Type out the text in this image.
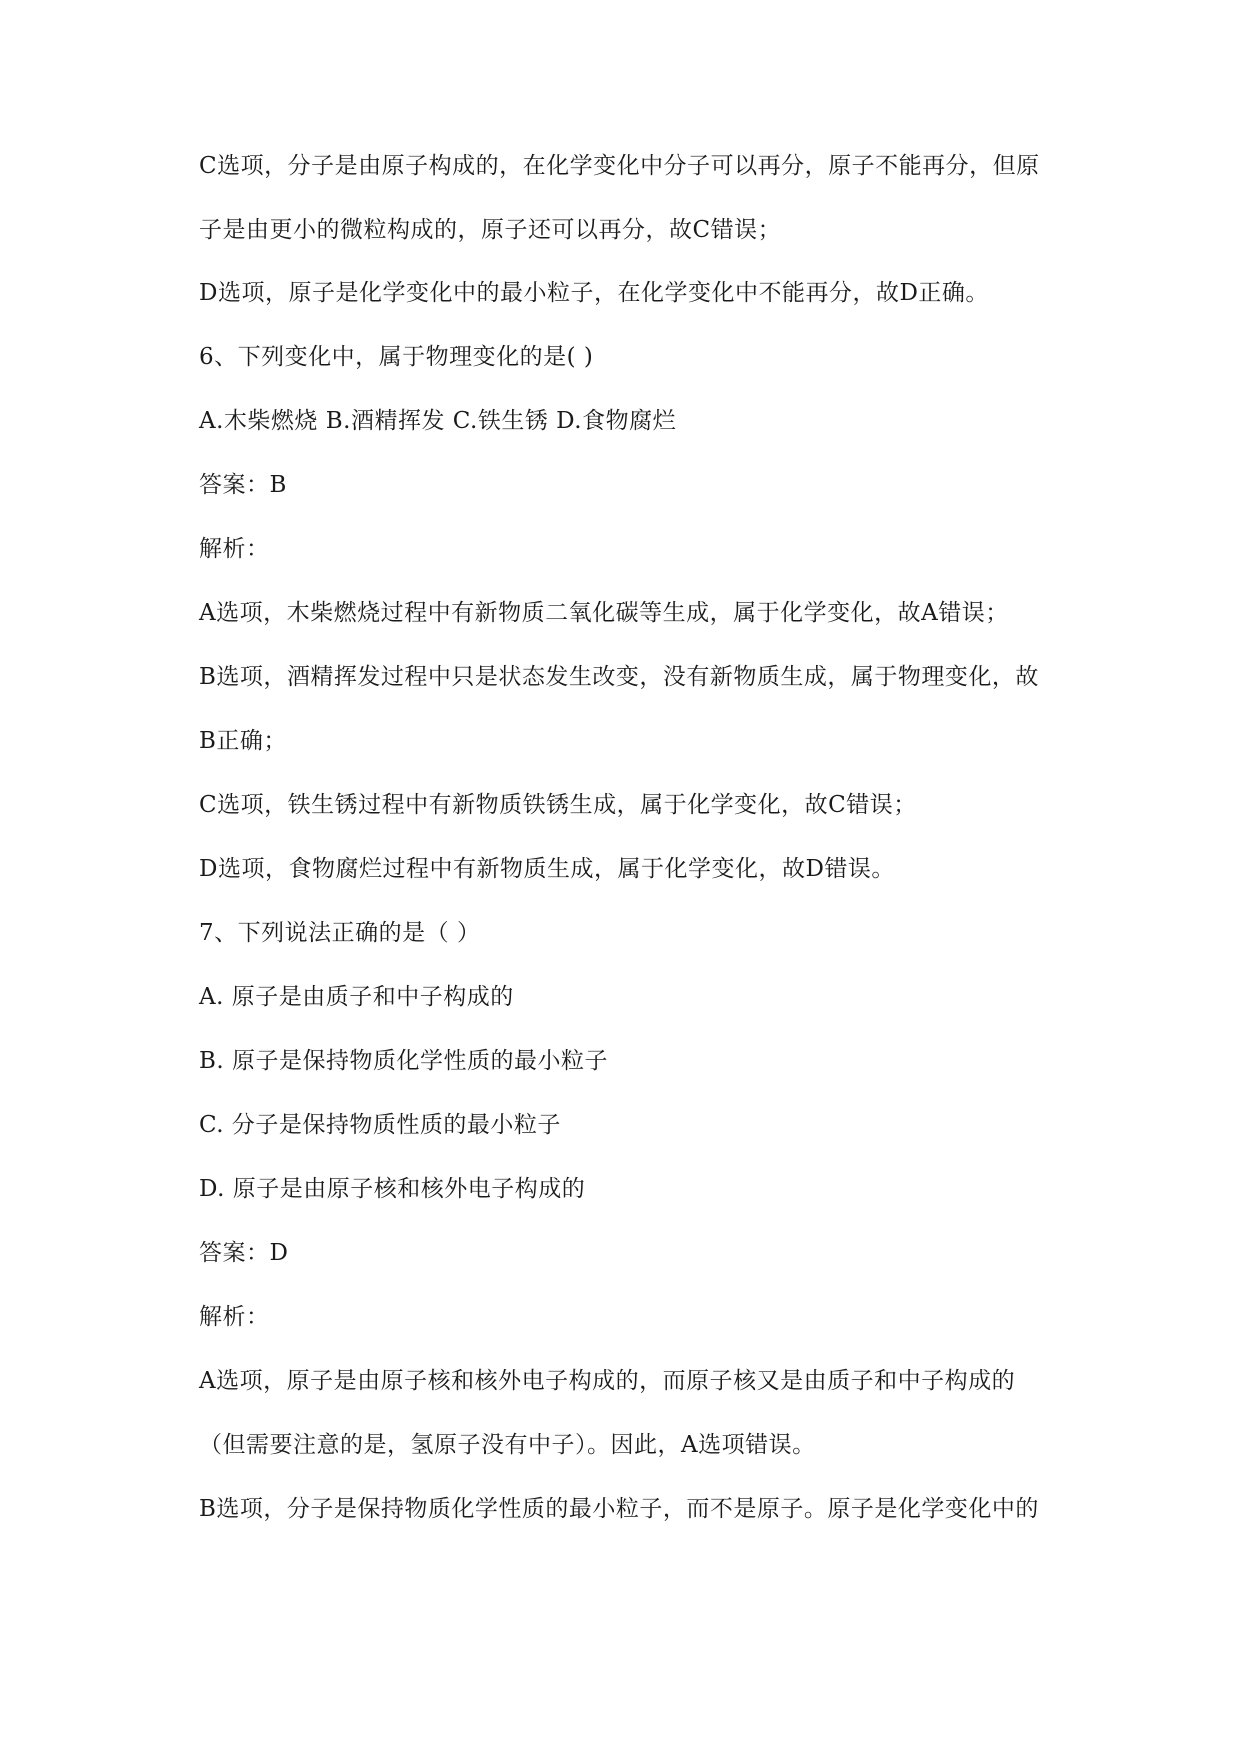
C选项，分子是由原子构成的，在化学变化中分子可以再分，原子不能再分，但原
子是由更小的微粒构成的，原子还可以再分，故C错误；
D选项，原子是化学变化中的最小粒子，在化学变化中不能再分，故D正确。
6、下列变化中，属于物理变化的是( )
A.木柴燃烧 B.酒精挥发 C.铁生锈 D.食物腐烂
答案：B
解析：
A选项，木柴燃烧过程中有新物质二氧化碳等生成，属于化学变化，故A错误；
B选项，酒精挥发过程中只是状态发生改变，没有新物质生成，属于物理变化，故
B正确；
C选项，铁生锈过程中有新物质铁锈生成，属于化学变化，故C错误；
D选项，食物腐烂过程中有新物质生成，属于化学变化，故D错误。
7、下列说法正确的是（ ）
A. 原子是由质子和中子构成的
B. 原子是保持物质化学性质的最小粒子
C. 分子是保持物质性质的最小粒子
D. 原子是由原子核和核外电子构成的
答案：D
解析：
A选项，原子是由原子核和核外电子构成的，而原子核又是由质子和中子构成的
（但需要注意的是，氢原子没有中子）。因此，A选项错误。
B选项，分子是保持物质化学性质的最小粒子，而不是原子。原子是化学变化中的
